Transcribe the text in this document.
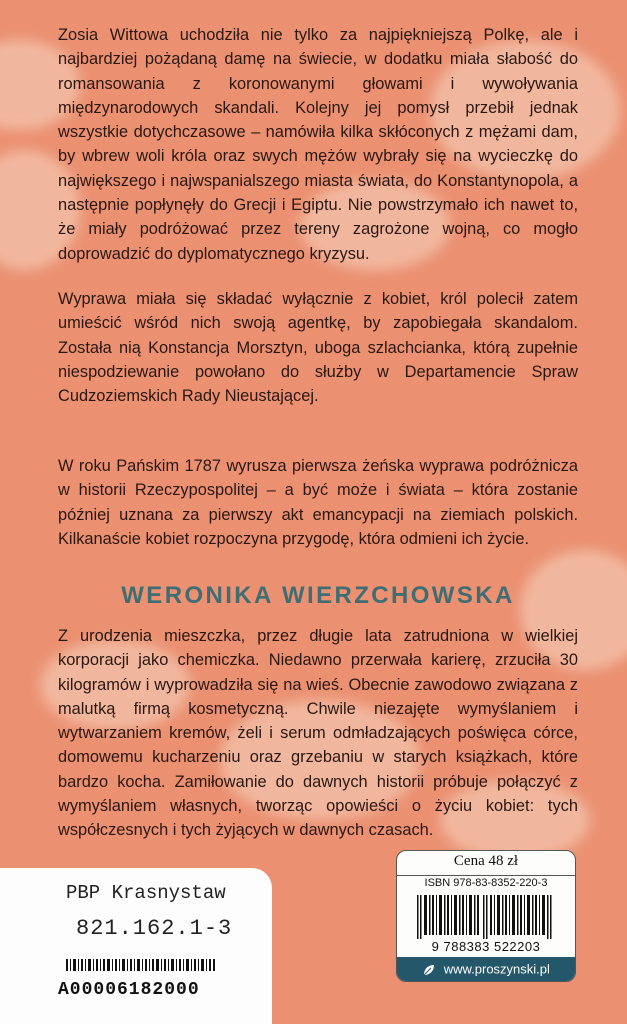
Zosia Wittowa uchodziła nie tylko za najpiękniejszą Polkę, ale i najbardziej pożądaną damę na świecie, w dodatku miała słabość do romansowania z koronowanymi głowami i wywoływania międzynarodowych skandali. Kolejny jej pomysł przebił jednak wszystkie dotychczasowe – namówiła kilka skłóconych z mężami dam, by wbrew woli króla oraz swych mężów wybrały się na wycieczkę do największego i najwspanialszego miasta świata, do Konstantynopola, a następnie popłynęły do Grecji i Egiptu. Nie powstrzymało ich nawet to, że miały podróżować przez tereny zagrożone wojną, co mogło doprowadzić do dyplomatycznego kryzysu.
Wyprawa miała się składać wyłącznie z kobiet, król polecił zatem umieścić wśród nich swoją agentkę, by zapobiegała skandalom. Została nią Konstancja Morsztyn, uboga szlachcianka, którą zupełnie niespodziewanie powołano do służby w Departamencie Spraw Cudzoziemskich Rady Nieustającej.
W roku Pańskim 1787 wyrusza pierwsza żeńska wyprawa podróżnicza w historii Rzeczypospolitej – a być może i świata – która zostanie później uznana za pierwszy akt emancypacji na ziemiach polskich. Kilkanaście kobiet rozpoczyna przygodę, która odmieni ich życie.
WERONIKA WIERZCHOWSKA
Z urodzenia mieszczka, przez długie lata zatrudniona w wielkiej korporacji jako chemiczka. Niedawno przerwała karierę, zrzuciła 30 kilogramów i wyprowadziła się na wieś. Obecnie zawodowo związana z malutką firmą kosmetyczną. Chwile niezajęte wymyślaniem i wytwarzaniem kremów, żeli i serum odmładzających poświęca córce, domowemu kucharzeniu oraz grzebaniu w starych książkach, które bardzo kocha. Zamiłowanie do dawnych historii próbuje połączyć z wymyślaniem własnych, tworząc opowieści o życiu kobiet: tych współczesnych i tych żyjących w dawnych czasach.
PBP Krasnystaw
821.162.1-3
A00006182000
Cena 48 zł
ISBN 978-83-8352-220-3
9 788383 522203
www.proszynski.pl
